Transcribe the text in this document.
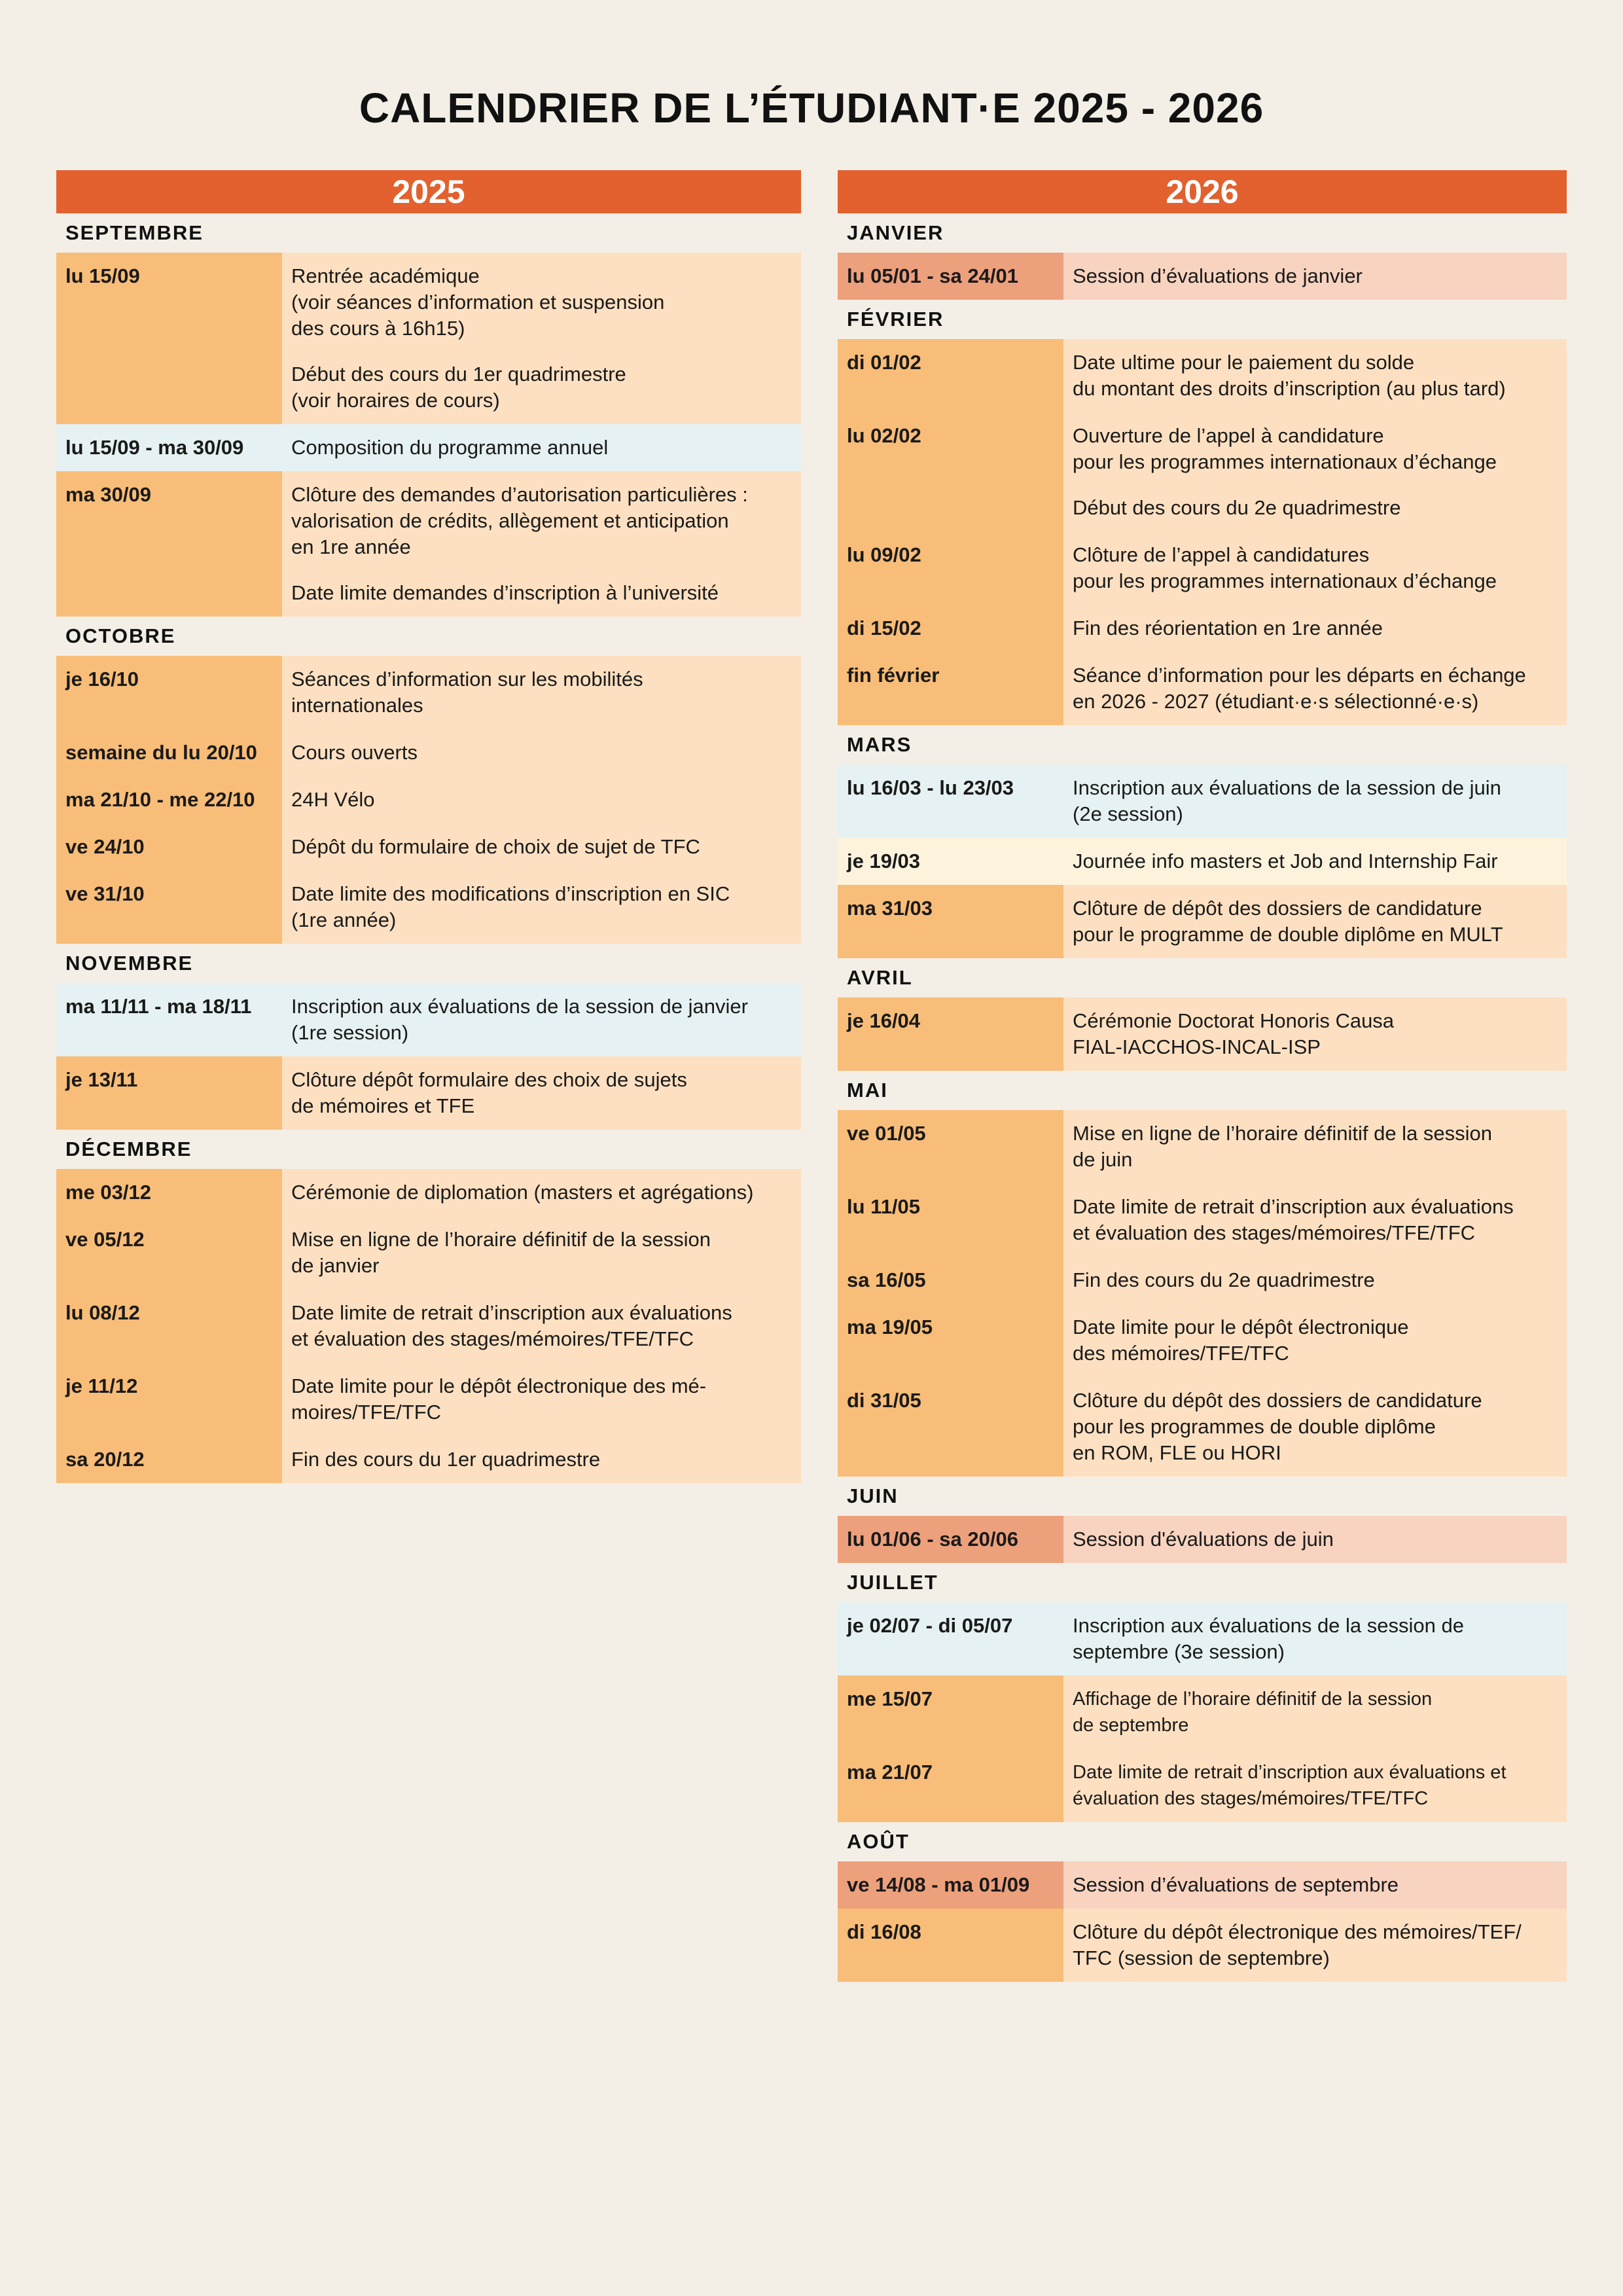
CALENDRIER DE L’ÉTUDIANT·E 2025 - 2026
2025
SEPTEMBRE
lu 15/09	Rentrée académique
(voir séances d’information et suspension
des cours à 16h15)
Début des cours du 1er quadrimestre
(voir horaires de cours)
lu 15/09 - ma 30/09	Composition du programme annuel
ma 30/09	Clôture des demandes d’autorisation particulières :
valorisation de crédits, allègement et anticipation
en 1re année
Date limite demandes d’inscription à l’université
OCTOBRE
je 16/10	Séances d’information sur les mobilités
internationales
semaine du lu 20/10	Cours ouverts
ma 21/10 - me 22/10	24H Vélo
ve 24/10	Dépôt du formulaire de choix de sujet de TFC
ve 31/10	Date limite des modifications d’inscription en SIC
(1re année)
NOVEMBRE
ma 11/11 - ma 18/11	Inscription aux évaluations de la session de janvier
(1re session)
je 13/11	Clôture dépôt formulaire des choix de sujets
de mémoires et TFE
DÉCEMBRE
me 03/12	Cérémonie de diplomation (masters et agrégations)
ve 05/12	Mise en ligne de l’horaire définitif de la session
de janvier
lu 08/12	Date limite de retrait d’inscription aux évaluations
et évaluation des stages/mémoires/TFE/TFC
je 11/12	Date limite pour le dépôt électronique des mé-
moires/TFE/TFC
sa 20/12	Fin des cours du 1er quadrimestre
2026
JANVIER
lu 05/01 - sa 24/01	Session d’évaluations de janvier
FÉVRIER
di 01/02	Date ultime pour le paiement du solde
du montant des droits d’inscription (au plus tard)
lu 02/02	Ouverture de l’appel à candidature
pour les programmes internationaux d’échange
Début des cours du 2e quadrimestre
lu 09/02	Clôture de l’appel à candidatures
pour les programmes internationaux d’échange
di 15/02	Fin des réorientation en 1re année
fin février	Séance d’information pour les départs en échange
en 2026 - 2027 (étudiant·e·s sélectionné·e·s)
MARS
lu 16/03 - lu 23/03	Inscription aux évaluations de la session de juin
(2e session)
je 19/03	Journée info masters et Job and Internship Fair
ma 31/03	Clôture de dépôt des dossiers de candidature
pour le programme de double diplôme en MULT
AVRIL
je 16/04	Cérémonie Doctorat Honoris Causa
FIAL-IACCHOS-INCAL-ISP
MAI
ve 01/05	Mise en ligne de l’horaire définitif de la session
de juin
lu 11/05	Date limite de retrait d’inscription aux évaluations
et évaluation des stages/mémoires/TFE/TFC
sa 16/05	Fin des cours du 2e quadrimestre
ma 19/05	Date limite pour le dépôt électronique
des mémoires/TFE/TFC
di 31/05	Clôture du dépôt des dossiers de candidature
pour les programmes de double diplôme
en ROM, FLE ou HORI
JUIN
lu 01/06 - sa 20/06	Session d'évaluations de juin
JUILLET
je 02/07 - di 05/07	Inscription aux évaluations de la session de
septembre (3e session)
me 15/07	Affichage de l’horaire définitif de la session
de septembre
ma 21/07	Date limite de retrait d’inscription aux évaluations et
évaluation des stages/mémoires/TFE/TFC
AOÛT
ve 14/08 - ma 01/09	Session d’évaluations de septembre
di 16/08	Clôture du dépôt électronique des mémoires/TEF/
TFC (session de septembre)
